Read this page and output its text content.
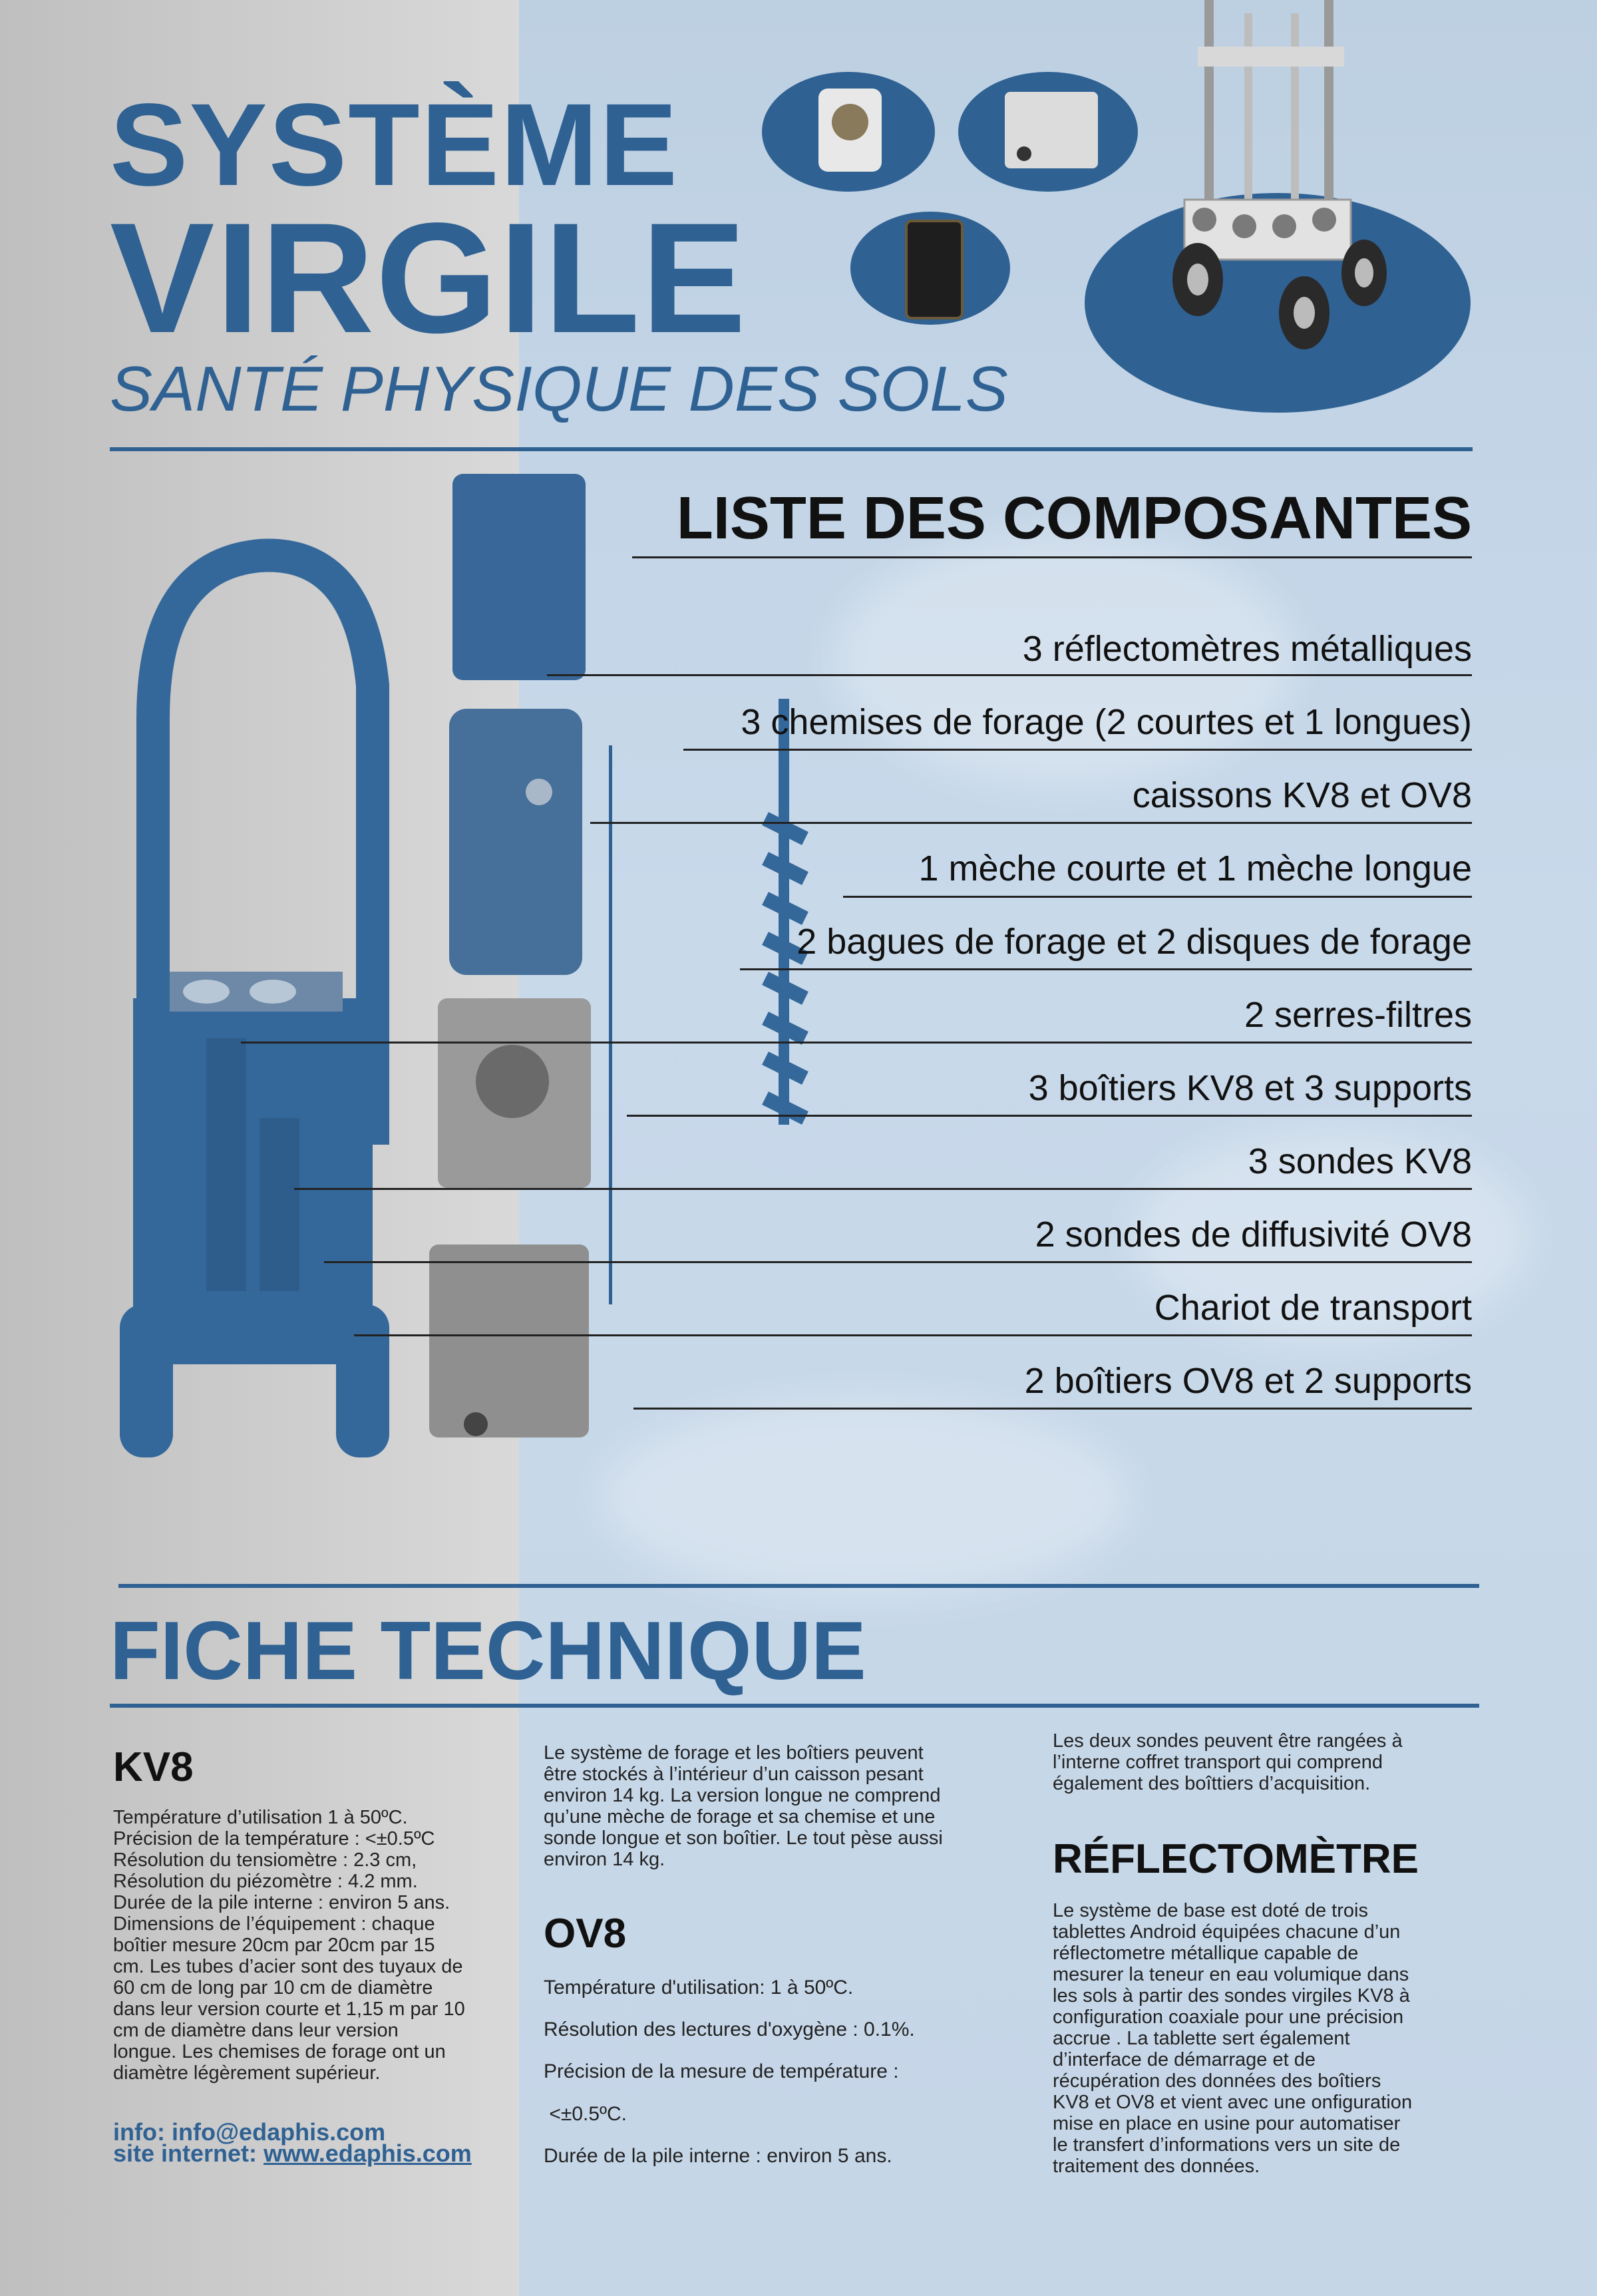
SYSTÈME
VIRGILE
SANTÉ PHYSIQUE DES SOLS
LISTE DES COMPOSANTES
3 réflectomètres métalliques
3 chemises de forage (2 courtes et 1 longues)
caissons KV8 et OV8
1 mèche courte et 1 mèche longue
2 bagues de forage et 2 disques de forage
2 serres-filtres
3 boîtiers KV8 et 3 supports
3 sondes KV8
2 sondes de diffusivité OV8
Chariot de transport
2 boîtiers OV8 et 2 supports
FICHE TECHNIQUE
KV8
Température d’utilisation 1 à 50ºC.
Précision de la température : <±0.5ºC
Résolution du tensiomètre : 2.3 cm,
Résolution du piézomètre : 4.2 mm.
Durée de la pile interne : environ 5 ans.
Dimensions de l’équipement : chaque
boîtier mesure 20cm par 20cm par 15
cm. Les tubes d’acier sont des tuyaux de
60 cm de long par 10 cm de diamètre
dans leur version courte et 1,15 m par 10
cm de diamètre dans leur version
longue. Les chemises de forage ont un
diamètre légèrement supérieur.
info: info@edaphis.com
site internet: www.edaphis.com
Le système de forage et les boîtiers peuvent
être stockés à l’intérieur d’un caisson pesant
environ 14 kg. La version longue ne comprend
qu’une mèche de forage et sa chemise et une
sonde longue et son boîtier. Le tout pèse aussi
environ 14 kg.
OV8
Température d'utilisation: 1 à 50ºC.
Résolution des lectures d'oxygène : 0.1%.
Précision de la mesure de température :
<±0.5ºC.
Durée de la pile interne : environ 5 ans.
Les deux sondes peuvent être rangées à
l’interne coffret transport qui comprend
également des boîttiers d’acquisition.
RÉFLECTOMÈTRE
Le système de base est doté de trois
tablettes Android équipées chacune d’un
réflectometre métallique capable de
mesurer la teneur en eau volumique dans
les sols à partir des sondes virgiles KV8 à
configuration coaxiale pour une précision
accrue . La tablette sert également
d’interface de démarrage et de
récupération des données des boîtiers
KV8 et OV8 et vient avec une onfiguration
mise en place en usine pour automatiser
le transfert d’informations vers un site de
traitement des données.
